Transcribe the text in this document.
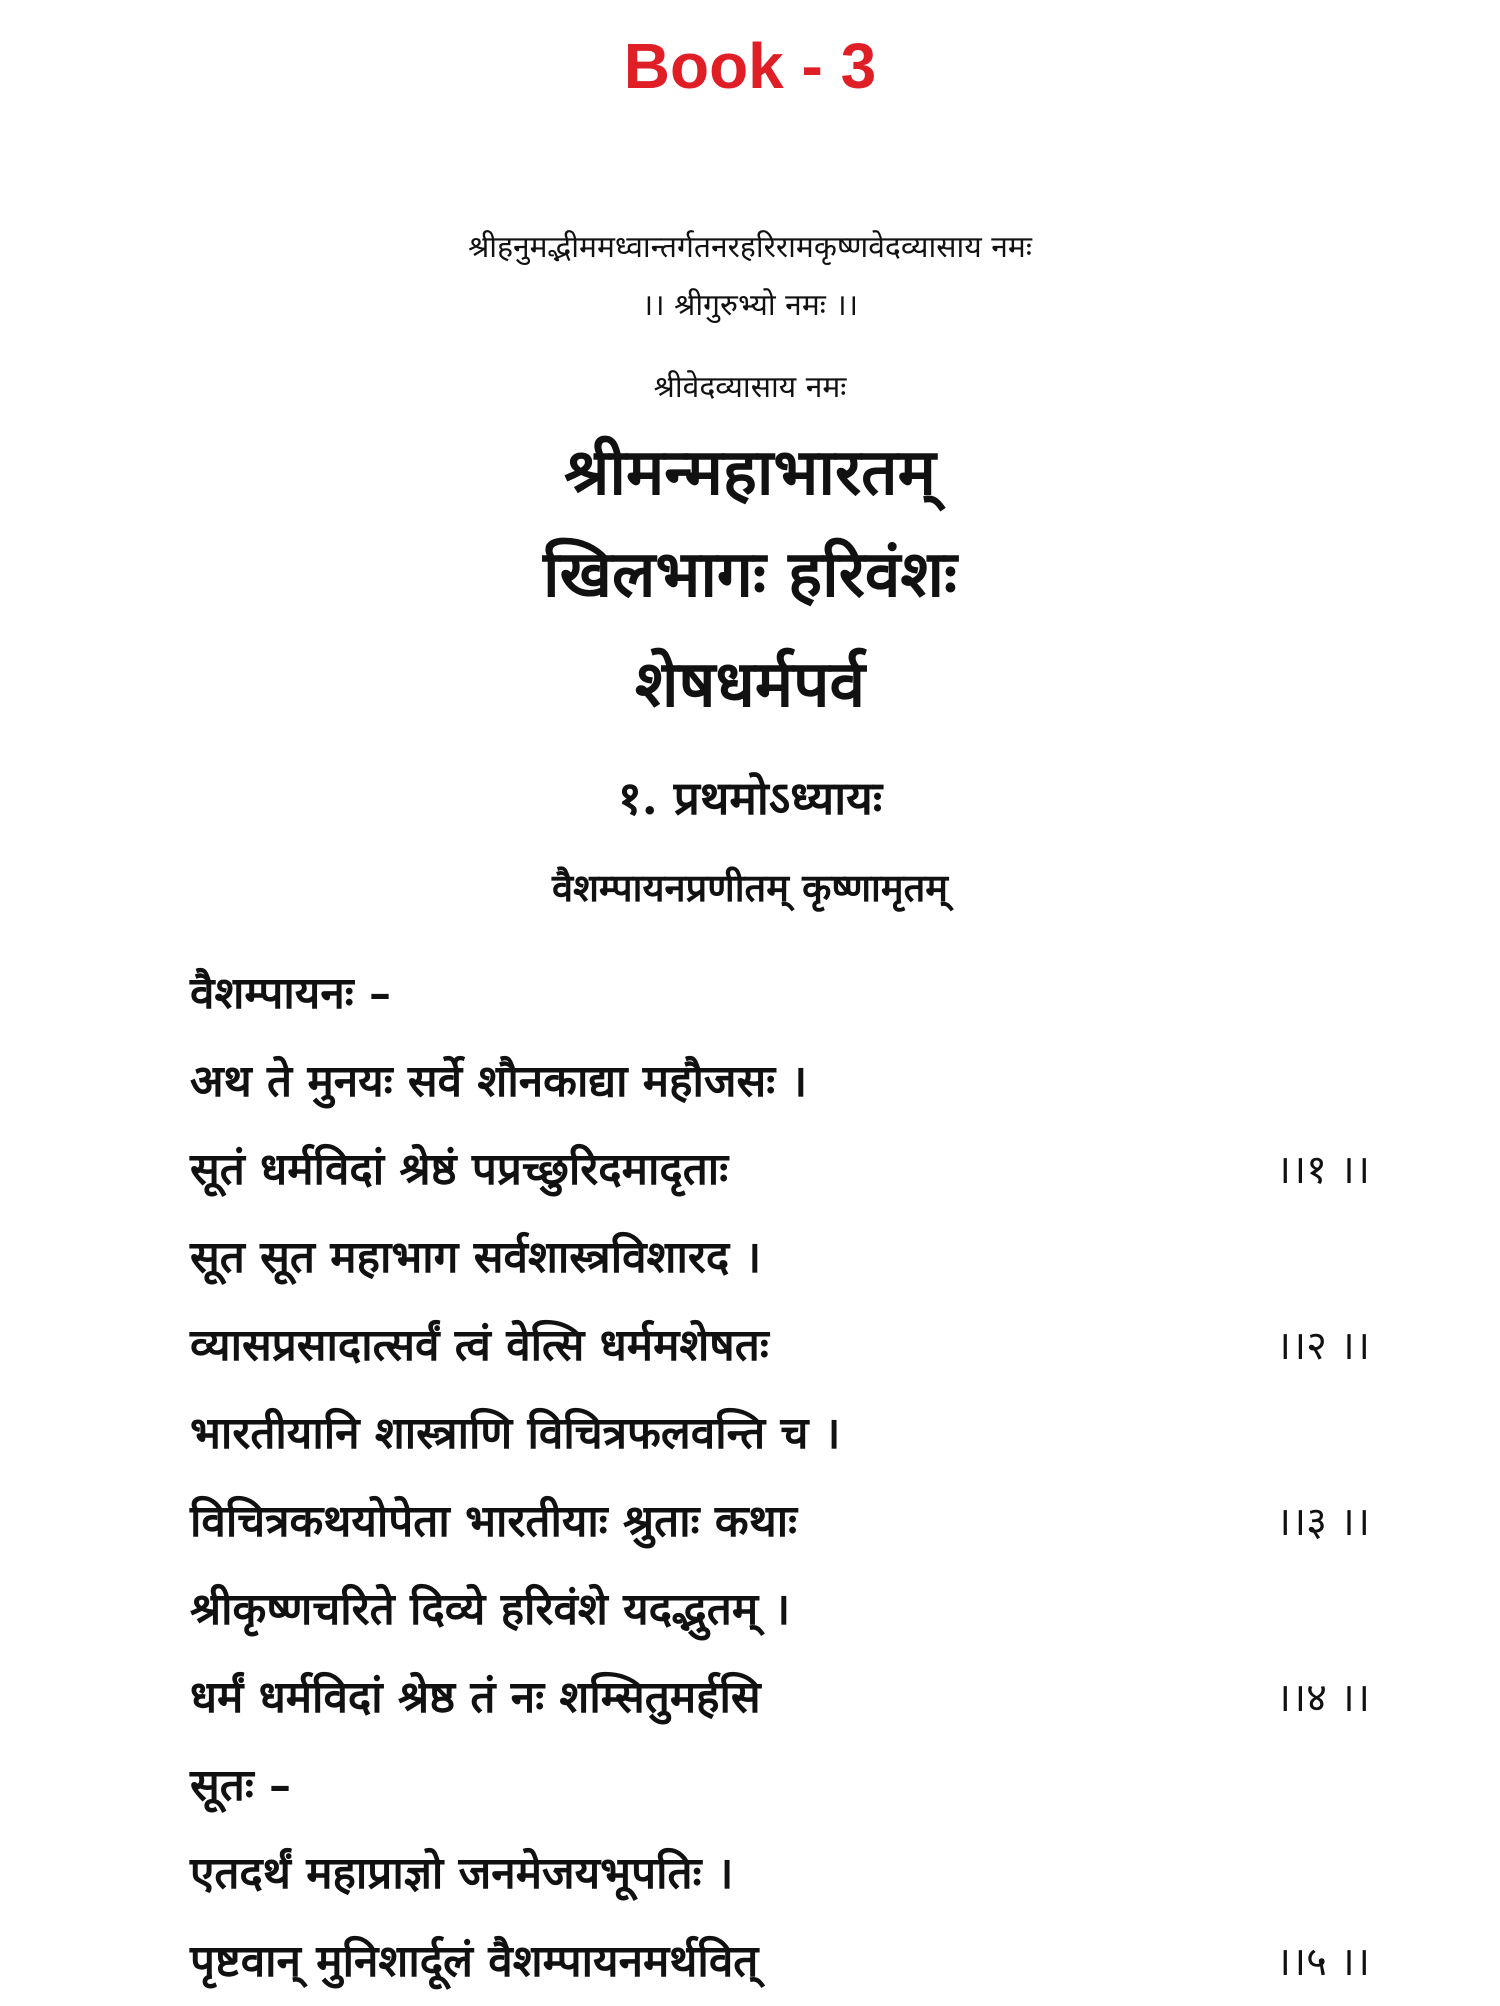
Book - 3
श्रीहनुमद्भीममध्वान्तर्गतनरहरिरामकृष्णवेदव्यासाय नमः
।। श्रीगुरुभ्यो नमः ।।
श्रीवेदव्यासाय नमः
श्रीमन्महाभारतम्
खिलभागः हरिवंशः
शेषधर्मपर्व
१. प्रथमोऽध्यायः
वैशम्पायनप्रणीतम् कृष्णामृतम्
वैशम्पायनः –
अथ ते मुनयः सर्वे शौनकाद्या महौजसः ।
सूतं धर्मविदां श्रेष्ठं पप्रच्छुरिदमादृताः	।।१ ।।
सूत सूत महाभाग सर्वशास्त्रविशारद ।
व्यासप्रसादात्सर्वं त्वं वेत्सि धर्ममशेषतः	।।२ ।।
भारतीयानि शास्त्राणि विचित्रफलवन्ति च ।
विचित्रकथयोपेता भारतीयाः श्रुताः कथाः	।।३ ।।
श्रीकृष्णचरिते दिव्ये हरिवंशे यदद्भुतम् ।
धर्मं धर्मविदां श्रेष्ठ तं नः शम्सितुमर्हसि	।।४ ।।
सूतः –
एतदर्थं महाप्राज्ञो जनमेजयभूपतिः ।
पृष्टवान् मुनिशार्दूलं वैशम्पायनमर्थवित्	।।५ ।।
